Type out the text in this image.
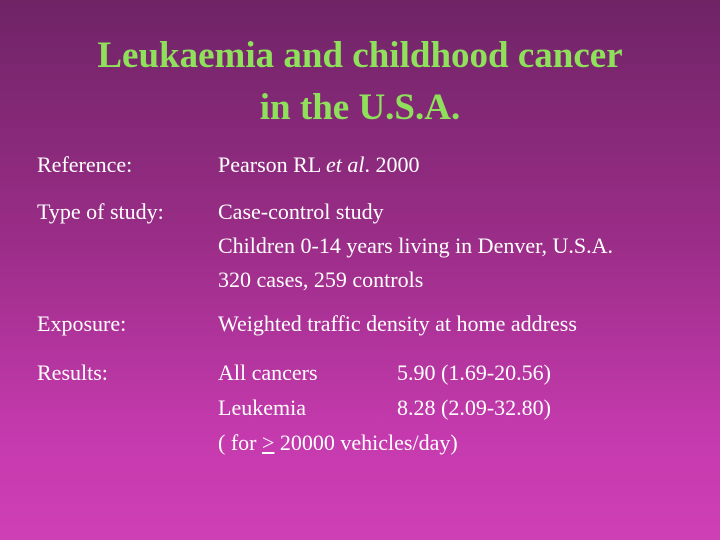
Leukaemia and childhood cancer
in the U.S.A.
Reference:	Pearson RL et al. 2000
Type of study: Case-control study
Children 0-14 years living in Denver, U.S.A.
320 cases, 259 controls
Exposure:	Weighted traffic density at home address
Results:	All cancers	5.90 (1.69-20.56)
Leukemia	8.28 (2.09-32.80)
( for ≥ 20000 vehicles/day)
